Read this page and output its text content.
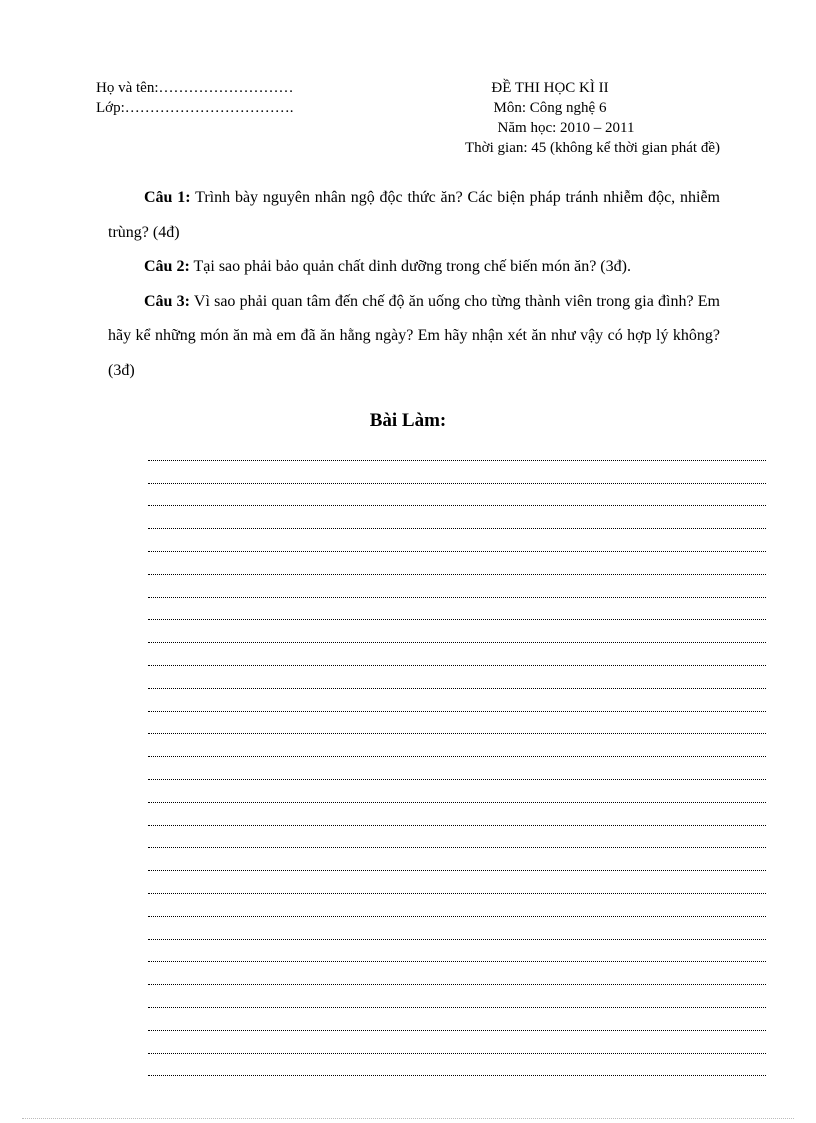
Họ và tên:………………………
Lớp:…………………………….
ĐỀ THI HỌC KÌ II
Môn: Công nghệ 6
Năm học: 2010 – 2011
Thời gian: 45 (không kể thời gian phát đề)

Câu 1: Trình bày nguyên nhân ngộ độc thức ăn? Các biện pháp tránh nhiễm độc, nhiễm trùng? (4đ)

Câu 2: Tại sao phải bảo quản chất dinh dưỡng trong chế biến món ăn? (3đ).

Câu 3: Vì sao phải quan tâm đến chế độ ăn uống cho từng thành viên trong gia đình? Em hãy kể những món ăn mà em đã ăn hằng ngày? Em hãy nhận xét ăn như vậy có hợp lý không?(3đ)

Bài Làm:
